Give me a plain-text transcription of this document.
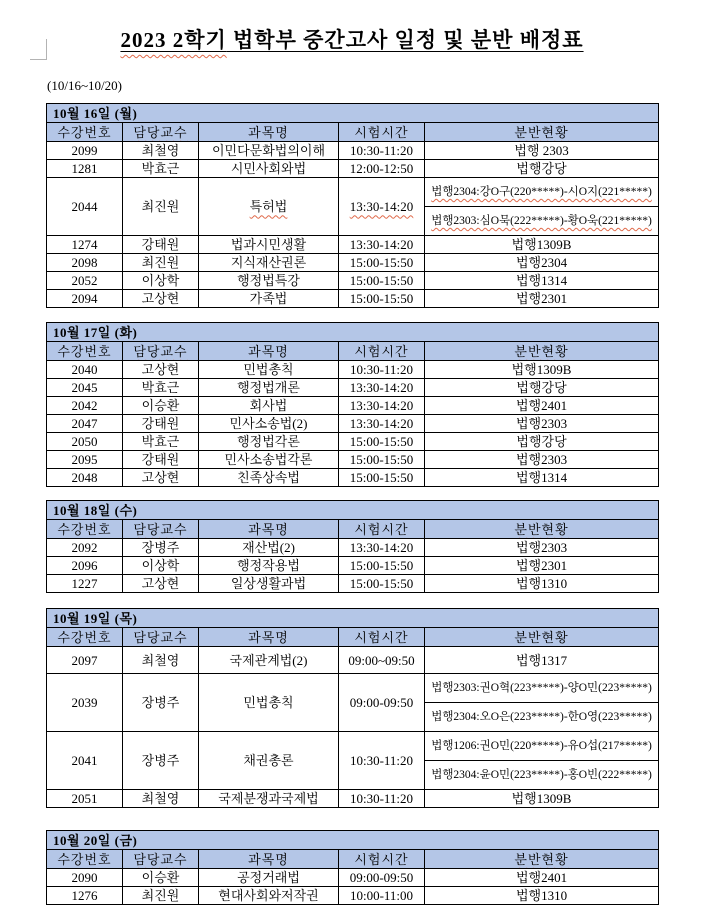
2023 2학기 법학부 중간고사 일정 및 분반 배정표
(10/16~10/20)
10월 16일 (월)				
수강번호	담당교수	과목명	시험시간	분반현황
2099	최철영	이민다문화법의이해	10:30-11:20	법행 2303
1281	박효근	시민사회와법	12:00-12:50	법행강당
2044	최진원	특허법	13:30-14:20	법행2304:강O구(220*****)-시O지(221*****)
				법행2303:심O묵(222*****)-황O욱(221*****)
1274	강태원	법과시민생활	13:30-14:20	법행1309B
2098	최진원	지식재산권론	15:00-15:50	법행2304
2052	이상학	행정법특강	15:00-15:50	법행1314
2094	고상현	가족법	15:00-15:50	법행2301
10월 17일 (화)				
수강번호	담당교수	과목명	시험시간	분반현황
2040	고상현	민법총칙	10:30-11:20	법행1309B
2045	박효근	행정법개론	13:30-14:20	법행강당
2042	이승환	회사법	13:30-14:20	법행2401
2047	강태원	민사소송법(2)	13:30-14:20	법행2303
2050	박효근	행정법각론	15:00-15:50	법행강당
2095	강태원	민사소송법각론	15:00-15:50	법행2303
2048	고상현	친족상속법	15:00-15:50	법행1314
10월 18일 (수)				
수강번호	담당교수	과목명	시험시간	분반현황
2092	장병주	재산법(2)	13:30-14:20	법행2303
2096	이상학	행정작용법	15:00-15:50	법행2301
1227	고상현	일상생활과법	15:00-15:50	법행1310
10월 19일 (목)				
수강번호	담당교수	과목명	시험시간	분반현황
2097	최철영	국제관계법(2)	09:00~09:50	법행1317
2039	장병주	민법총칙	09:00-09:50	법행2303:권O혁(223*****)-양O민(223*****)
				법행2304:오O은(223*****)-한O영(223*****)
2041	장병주	채권총론	10:30-11:20	법행1206:권O민(220*****)-유O섭(217*****)
				법행2304:윤O민(223*****)-홍O빈(222*****)
2051	최철영	국제분쟁과국제법	10:30-11:20	법행1309B
10월 20일 (금)				
수강번호	담당교수	과목명	시험시간	분반현황
2090	이승환	공정거래법	09:00-09:50	법행2401
1276	최진원	현대사회와저작권	10:00-11:00	법행1310
